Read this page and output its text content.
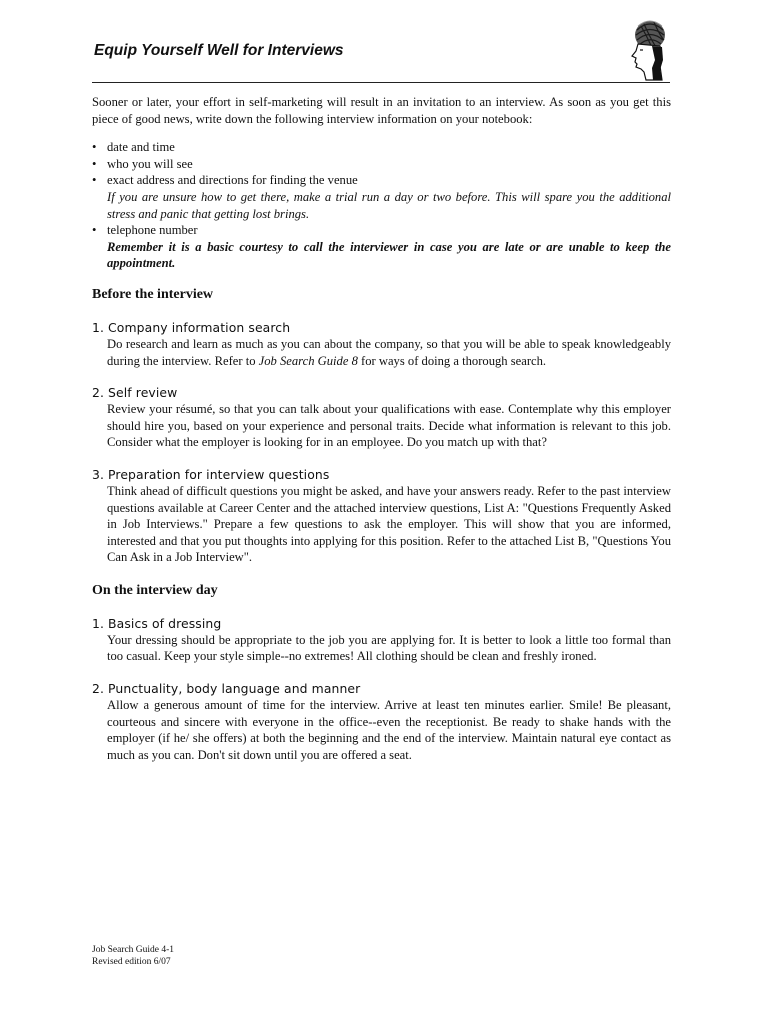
Equip Yourself Well for Interviews

Sooner or later, your effort in self-marketing will result in an invitation to an interview. As soon as you get this piece of good news, write down the following interview information on your notebook:

• date and time
• who you will see
• exact address and directions for finding the venue
If you are unsure how to get there, make a trial run a day or two before. This will spare you the additional stress and panic that getting lost brings.
• telephone number
Remember it is a basic courtesy to call the interviewer in case you are late or are unable to keep the appointment.
Before the interview
1. Company information search
Do research and learn as much as you can about the company, so that you will be able to speak knowledgeably during the interview. Refer to Job Search Guide 8 for ways of doing a thorough search.
2. Self review
Review your résumé, so that you can talk about your qualifications with ease. Contemplate why this employer should hire you, based on your experience and personal traits. Decide what information is relevant to this job. Consider what the employer is looking for in an employee. Do you match up with that?
3. Preparation for interview questions
Think ahead of difficult questions you might be asked, and have your answers ready. Refer to the past interview questions available at Career Center and the attached interview questions, List A: "Questions Frequently Asked in Job Interviews." Prepare a few questions to ask the employer. This will show that you are informed, interested and that you put thoughts into applying for this position. Refer to the attached List B, "Questions You Can Ask in a Job Interview".
On the interview day
1. Basics of dressing
Your dressing should be appropriate to the job you are applying for. It is better to look a little too formal than too casual. Keep your style simple--no extremes! All clothing should be clean and freshly ironed.
2. Punctuality, body language and manner
Allow a generous amount of time for the interview. Arrive at least ten minutes earlier. Smile! Be pleasant, courteous and sincere with everyone in the office--even the receptionist. Be ready to shake hands with the employer (if he/ she offers) at both the beginning and the end of the interview. Maintain natural eye contact as much as you can. Don't sit down until you are offered a seat.
Job Search Guide 4-1
Revised edition 6/07
